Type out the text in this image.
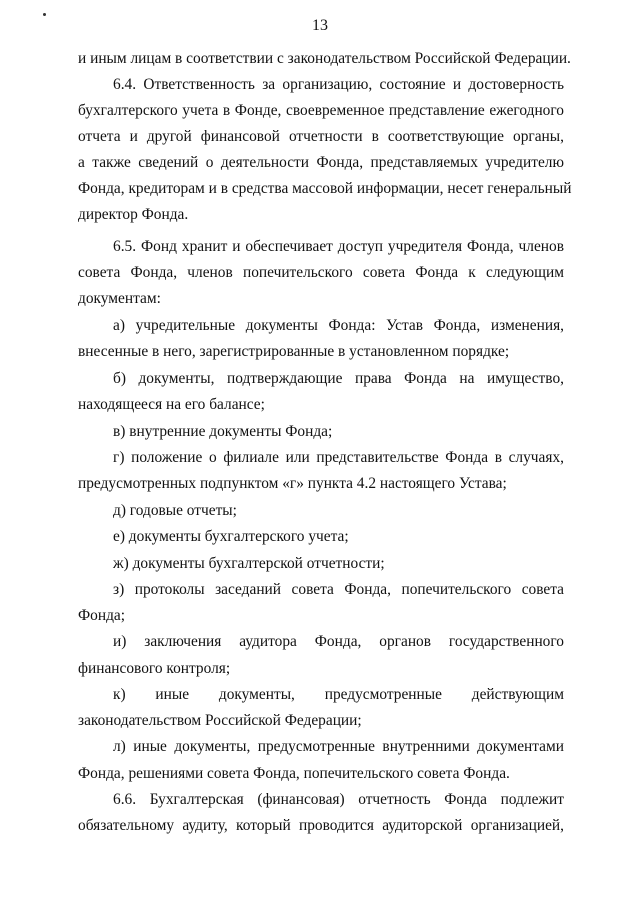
13
и иным лицам в соответствии с законодательством Российской Федерации.
6.4. Ответственность за организацию, состояние и достоверность
бухгалтерского учета в Фонде, своевременное представление ежегодного
отчета и другой финансовой отчетности в соответствующие органы,
а также сведений о деятельности Фонда, представляемых учредителю
Фонда, кредиторам и в средства массовой информации, несет генеральный
директор Фонда.
6.5. Фонд хранит и обеспечивает доступ учредителя Фонда, членов
совета Фонда, членов попечительского совета Фонда к следующим
документам:
а) учредительные документы Фонда: Устав Фонда, изменения,
внесенные в него, зарегистрированные в установленном порядке;
б) документы, подтверждающие права Фонда на имущество,
находящееся на его балансе;
в) внутренние документы Фонда;
г) положение о филиале или представительстве Фонда в случаях,
предусмотренных подпунктом «г» пункта 4.2 настоящего Устава;
д) годовые отчеты;
е) документы бухгалтерского учета;
ж) документы бухгалтерской отчетности;
з) протоколы заседаний совета Фонда, попечительского совета
Фонда;
и) заключения аудитора Фонда, органов государственного
финансового контроля;
к) иные документы, предусмотренные действующим
законодательством Российской Федерации;
л) иные документы, предусмотренные внутренними документами
Фонда, решениями совета Фонда, попечительского совета Фонда.
6.6. Бухгалтерская (финансовая) отчетность Фонда подлежит
обязательному аудиту, который проводится аудиторской организацией,
